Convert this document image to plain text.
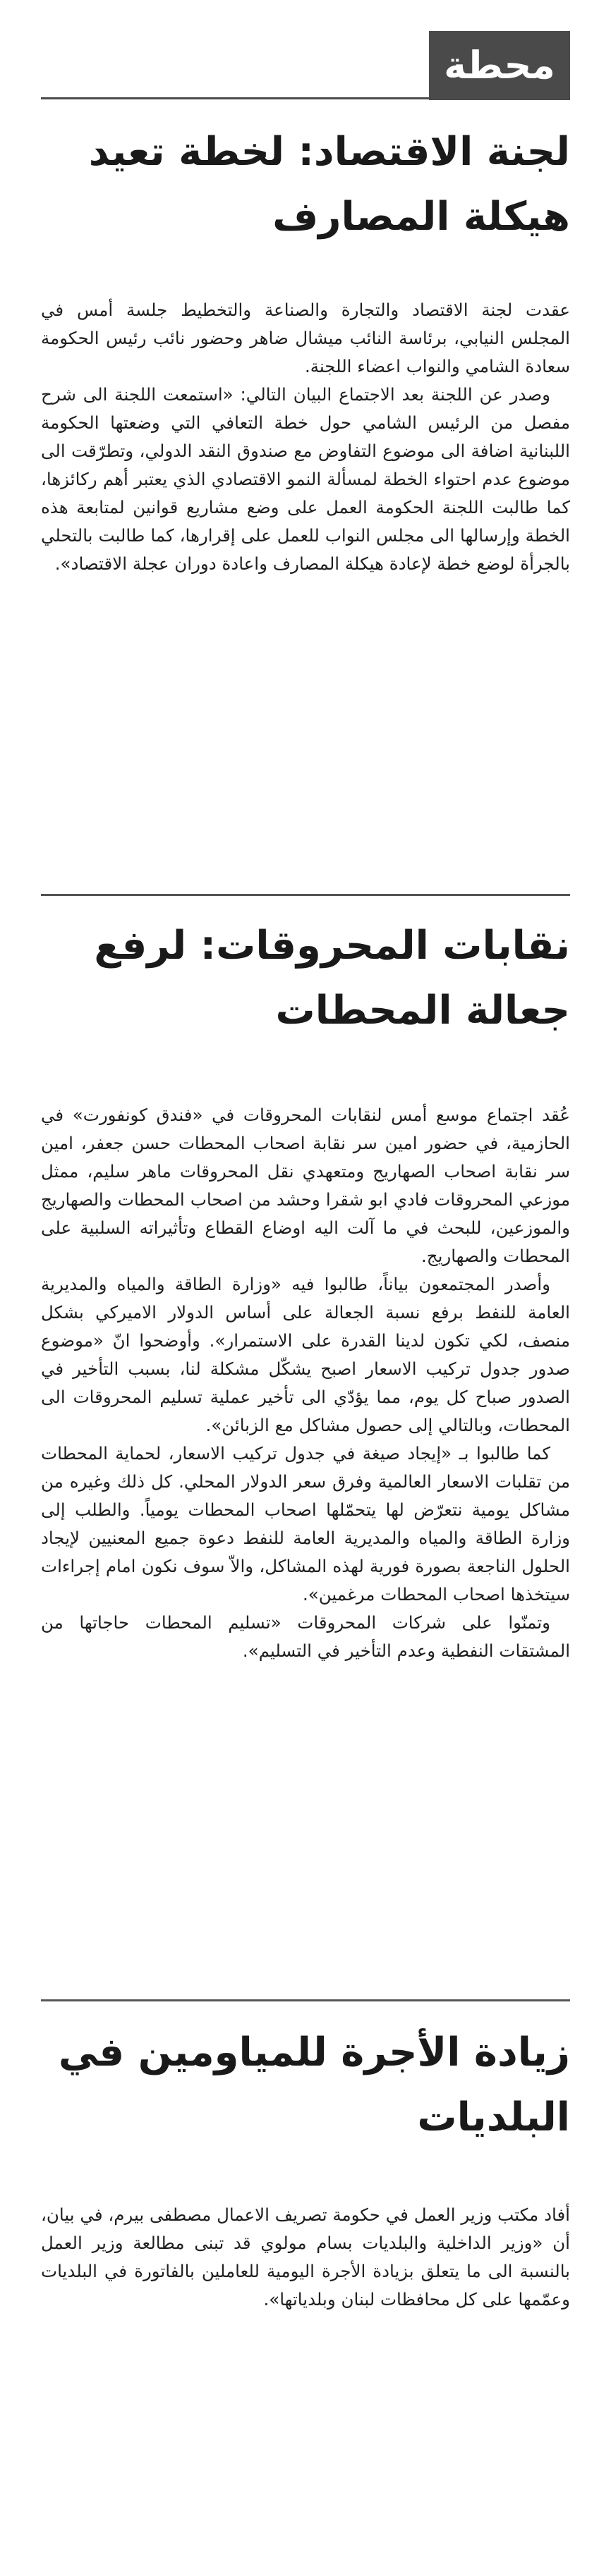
محطة
لجنة الاقتصاد: لخطة تعيد هيكلة المصارف

عقدت لجنة الاقتصاد والتجارة والصناعة والتخطيط جلسة أمس في المجلس النيابي، برئاسة النائب ميشال ضاهر وحضور نائب رئيس الحكومة سعادة الشامي والنواب اعضاء اللجنة.

وصدر عن اللجنة بعد الاجتماع البيان التالي: «استمعت اللجنة الى شرح مفصل من الرئيس الشامي حول خطة التعافي التي وضعتها الحكومة اللبنانية اضافة الى موضوع التفاوض مع صندوق النقد الدولي، وتطرّقت الى موضوع عدم احتواء الخطة لمسألة النمو الاقتصادي الذي يعتبر أهم ركائزها، كما طالبت اللجنة الحكومة العمل على وضع مشاريع قوانين لمتابعة هذه الخطة وإرسالها الى مجلس النواب للعمل على إقرارها، كما طالبت بالتحلي بالجرأة لوضع خطة لإعادة هيكلة المصارف واعادة دوران عجلة الاقتصاد».

نقابات المحروقات: لرفع جعالة المحطات

عُقد اجتماع موسع أمس لنقابات المحروقات في «فندق كونفورت» في الحازمية، في حضور امين سر نقابة اصحاب المحطات حسن جعفر، امين سر نقابة اصحاب الصهاريج ومتعهدي نقل المحروقات ماهر سليم، ممثل موزعي المحروقات فادي ابو شقرا وحشد من اصحاب المحطات والصهاريج والموزعين، للبحث في ما آلت اليه اوضاع القطاع وتأثيراته السلبية على المحطات والصهاريج.

وأصدر المجتمعون بياناً، طالبوا فيه «وزارة الطاقة والمياه والمديرية العامة للنفط برفع نسبة الجعالة على أساس الدولار الاميركي بشكل منصف، لكي تكون لدينا القدرة على الاستمرار». وأوضحوا انّ «موضوع صدور جدول تركيب الاسعار اصبح يشكّل مشكلة لنا، بسبب التأخير في الصدور صباح كل يوم، مما يؤدّي الى تأخير عملية تسليم المحروقات الى المحطات، وبالتالي إلى حصول مشاكل مع الزبائن».

كما طالبوا بـ «إيجاد صيغة في جدول تركيب الاسعار، لحماية المحطات من تقلبات الاسعار العالمية وفرق سعر الدولار المحلي. كل ذلك وغيره من مشاكل يومية نتعرّض لها يتحمّلها اصحاب المحطات يومياً. والطلب إلى وزارة الطاقة والمياه والمديرية العامة للنفط دعوة جميع المعنيين لإيجاد الحلول الناجعة بصورة فورية لهذه المشاكل، والاّ سوف نكون امام إجراءات سيتخذها اصحاب المحطات مرغمين».

وتمنّوا على شركات المحروقات «تسليم المحطات حاجاتها من المشتقات النفطية وعدم التأخير في التسليم».

زيادة الأجرة للمياومين في البلديات

أفاد مكتب وزير العمل في حكومة تصريف الاعمال مصطفى بيرم، في بيان، أن «وزير الداخلية والبلديات بسام مولوي قد تبنى مطالعة وزير العمل بالنسبة الى ما يتعلق بزيادة الأجرة اليومية للعاملين بالفاتورة في البلديات وعمّمها على كل محافظات لبنان وبلدياتها».
